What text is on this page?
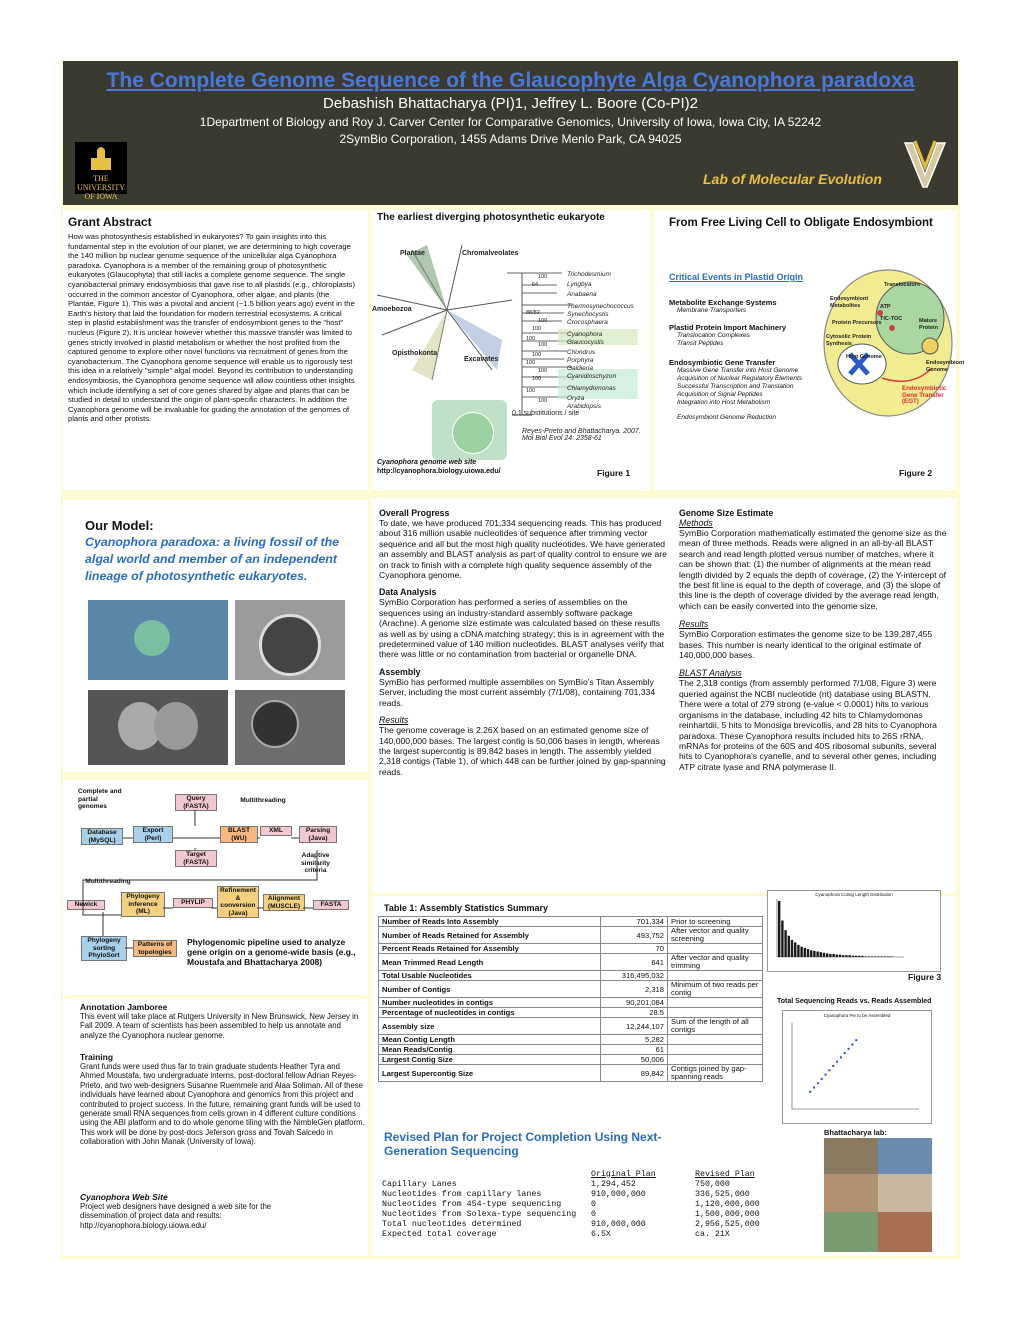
The Complete Genome Sequence of the Glaucophyte Alga Cyanophora paradoxa
Debashish Bhattacharya (PI)1, Jeffrey L. Boore (Co-PI)2
1Department of Biology and Roy J. Carver Center for Comparative Genomics, University of Iowa, Iowa City, IA 52242
2SymBio Corporation, 1455 Adams Drive Menlo Park, CA 94025
THE UNIVERSITY OF IOWA
Lab of Molecular Evolution
Grant Abstract
How was photosynthesis established in eukaryotes? To gain insights into this fundamental step in the evolution of our planet, we are determining to high coverage the 140 million bp nuclear genome sequence of the unicellular alga Cyanophora paradoxa. Cyanophora is a member of the remaining group of photosynthetic eukaryotes (Glaucophyta) that still lacks a complete genome sequence. The single cyanobacterial primary endosymbiosis that gave rise to all plastids (e.g., chloroplasts) occurred in the common ancestor of Cyanophora, other algae, and plants (the Plantae, Figure 1). This was a pivotal and ancient (~1.5 billion years ago) event in the Earth's history that laid the foundation for modern terrestrial ecosystems. A critical step in plastid establishment was the transfer of endosymbiont genes to the "host" nucleus (Figure 2). It is unclear however whether this massive transfer was limited to genes strictly involved in plastid metabolism or whether the host profited from the captured genome to explore other novel functions via recruitment of genes from the cyanobacterium. The Cyanophora genome sequence will enable us to rigorously test this idea in a relatively "simple" algal model. Beyond its contribution to understanding endosymbiosis, the Cyanophora genome sequence will allow countless other insights which include identifying a set of core genes shared by algae and plants that can be studied in detail to understand the origin of plant-specific characters. In addition the Cyanophora genome will be invaluable for guiding the annotation of the genomes of plants and other protists.
The earliest diverging photosynthetic eukaryote
Plantae	Chromalveolates
Opisthokonta
Excavates
Amoebozoa
Trichodesmium
Lyngbya
Anabaena
Thermosynechococcus
Synechocystis
Crocosphaera
Cyanophora
Glaucocystis
Chondrus
Porphyra
Galdieria
Cyanidioschyzon
Chlamydomonas
Oryza
Arabidopsis
100
64
88/82
100
100
100
100
100
100
100
100
100
100
0.1 substitutions / site
Reyes-Prieto and Bhattacharya. 2007. Mol Biol Evol 24: 2358-61
Cyanophora genome web site
http://cyanophora.biology.uiowa.edu/	Figure 1
From Free Living Cell to Obligate Endosymbiont
Critical Events in Plastid Origin
Metabolite Exchange Systems
Membrane Transporters
Plastid Protein Import Machinery
Translocation Complexes
Transit Peptides
Endosymbiotic Gene Transfer
Massive Gene Transfer into Host Genome
Acquisition of Nuclear Regulatory Elements
Successful Transcription and Translation
Acquisition of Signal Peptides
Integration into Host Metabolism
Endosymbiont Genome Reduction
Translocators
Endosymbiont Metabolites	ATP
Protein Precursors
TIC-TOC	Mature Protein
Cytosolic Protein Synthesis
Host Genome
Endosymbiont Genome
Endosymbiotic Gene Transfer (EGT)
Figure 2
Our Model:
Cyanophora paradoxa: a living fossil of the algal world and member of an independent lineage of photosynthetic eukaryotes.
Complete and partial genomes
Query (FASTA)
Multithreading
Database (MySQL)
Export (Perl)
BLAST (WU)
XML	Parsing (Java)
Target (FASTA)
Adaptive similarity criteria
Multithreading
Newick
Phylogeny inference (ML)
PHYLIP
Refinement & conversion (Java)
Alignment (MUSCLE)	FASTA
Phylogeny sorting PhyloSort
Patterns of topologies
Phylogenomic pipeline used to analyze gene origin on a genome-wide basis (e.g., Moustafa and Bhattacharya 2008)
Annotation Jamboree
This event will take place at Rutgers University in New Brunswick, New Jersey in Fall 2009. A team of scientists has been assembled to help us annotate and analyze the Cyanophora nuclear genome.
Training
Grant funds were used thus far to train graduate students Heather Tyra and Ahmed Moustafa, two undergraduate interns, post-doctoral fellow Adrian Reyes-Prieto, and two web-designers Susanne Ruemmele and Alaa Soliman. All of these individuals have learned about Cyanophora and genomics from this project and contributed to project success. In the future, remaining grant funds will be used to generate small RNA sequences from cells grown in 4 different culture conditions using the ABI platform and to do whole genome tiling with the NimbleGen platform. This work will be done by post-docs Jeferson gross and Tovah Salcedo in collaboration with John Manak (University of Iowa).
Cyanophora Web Site
Project web designers have designed a web site for the dissemination of project data and results: http://cyanophora.biology.uiowa.edu/
Overall Progress
To date, we have produced 701,334 sequencing reads. This has produced about 316 million usable nucleotides of sequence after trimming vector sequence and all but the most high quality nucleotides. We have generated an assembly and BLAST analysis as part of quality control to ensure we are on track to finish with a complete high quality sequence assembly of the Cyanophora genome.
Data Analysis
SymBio Corporation has performed a series of assemblies on the sequences using an industry-standard assembly software package (Arachne). A genome size estimate was calculated based on these results as well as by using a cDNA matching strategy; this is in agreement with the predetermined value of 140 million nucleotides. BLAST analyses verify that there was little or no contamination from bacterial or organelle DNA.
Assembly
SymBio has performed multiple assemblies on SymBio's Titan Assembly Server, including the most current assembly (7/1/08), containing 701,334 reads.
Results
The genome coverage is 2.26X based on an estimated genome size of 140,000,000 bases. The largest contig is 50,006 bases in length, whereas the largest supercontig is 89,842 bases in length. The assembly yielded 2,318 contigs (Table 1), of which 448 can be further joined by gap-spanning reads.
Genome Size Estimate
Methods
SymBio Corporation mathematically estimated the genome size as the mean of three methods. Reads were aligned in an all-by-all BLAST search and read length plotted versus number of matches, where it can be shown that: (1) the number of alignments at the mean read length divided by 2 equals the depth of coverage, (2) the Y-intercept of the best fit line is equal to the depth of coverage, and (3) the slope of this line is the depth of coverage divided by the average read length, which can be easily converted into the genome size.
Results
SymBio Corporation estimates the genome size to be 139,287,455 bases. This number is nearly identical to the original estimate of 140,000,000 bases.
BLAST Analysis
The 2,318 contigs (from assembly performed 7/1/08, Figure 3) were queried against the NCBI nucleotide (nt) database using BLASTN. There were a total of 279 strong (e-value < 0.0001) hits to various organisms in the database, including 42 hits to Chlamydomonas reinhartdii, 5 hits to Monosiga brevicollis, and 28 hits to Cyanophora paradoxa. These Cyanophora results included hits to 26S rRNA, mRNAs for proteins of the 60S and 40S ribosomal subunits, several hits to Cyanophora's cyanelle, and to several other genes, including ATP citrate lyase and RNA polymerase II.
Table 1: Assembly Statistics Summary
Number of Reads Into Assembly	701,334	Prior to screening
Number of Reads Retained for Assembly	493,752	After vector and quality screening
Percent Reads Retained for Assembly	70	
Mean Trimmed Read Length	641	After vector and quality trimming
Total Usable Nucleotides	316,495,032	
Number of Contigs	2,318	Minimum of two reads per contig
Number nucleotides in contigs	90,201,084	
Percentage of nucleotides in contigs	28.5	
Assembly size	12,244,107	Sum of the length of all contigs
Mean Contig Length	5,282	
Mean Reads/Contig	61	
Largest Contig Size	50,006	
Largest Supercontig Size	89,842	Contigs joined by gap-spanning reads
Cyanophora Contig Length Distribution
Figure 3
Total Sequencing Reads vs. Reads Assembled
Cyanophora Pie to be Assembled
Revised Plan for Project Completion Using Next-Generation Sequencing
	Original Plan	Revised Plan
Capillary Lanes	1,294,452	750,000
Nucleotides from capillary lanes	910,000,000	336,525,000
Nucleotides from 454-type sequencing	0	1,120,000,000
Nucleotides from Solexa-type sequencing	0	1,500,000,000
Total nucleotides determined	910,000,000	2,956,525,000
Expected total coverage	6.5X	ca. 21X
Bhattacharya lab:
